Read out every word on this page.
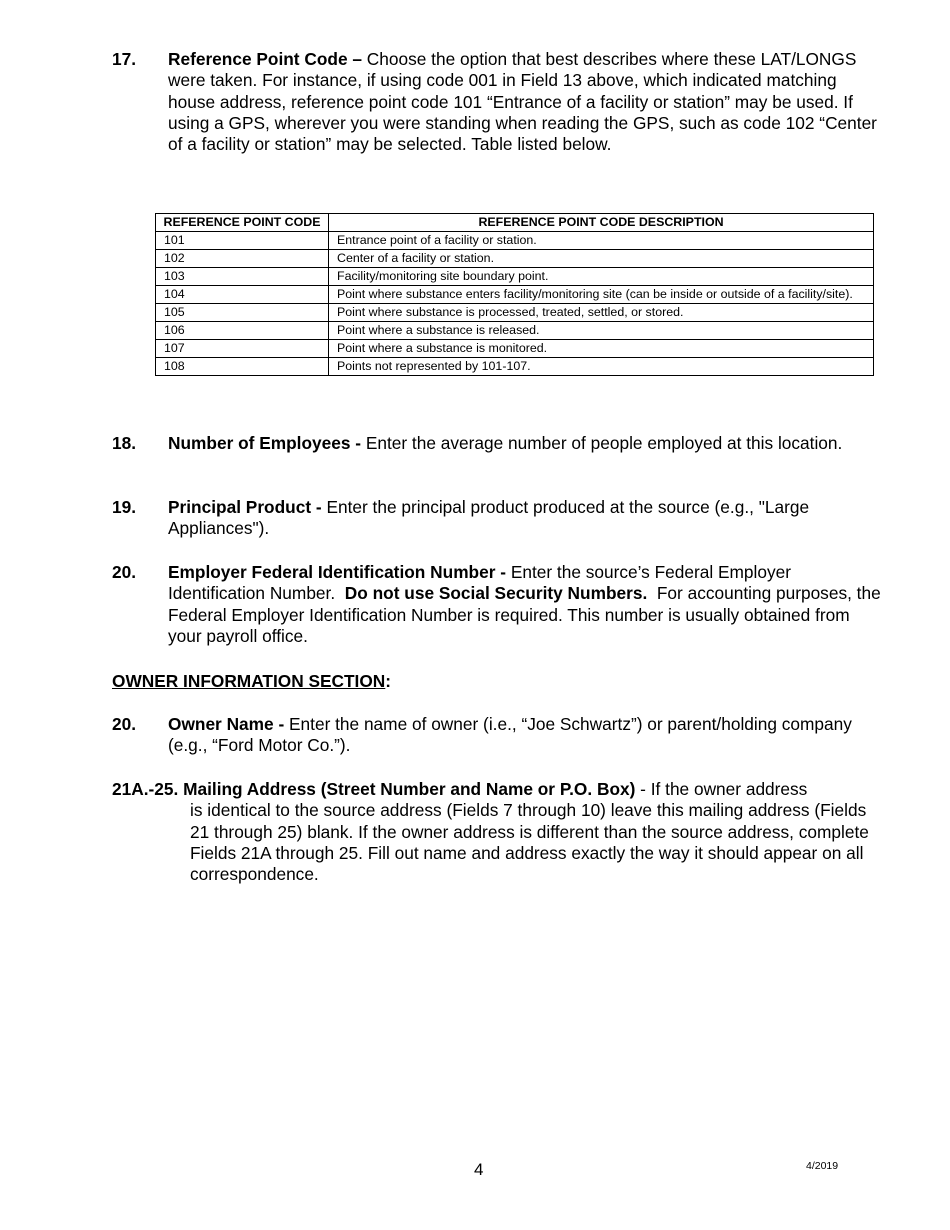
17. Reference Point Code – Choose the option that best describes where these LAT/LONGS were taken. For instance, if using code 001 in Field 13 above, which indicated matching house address, reference point code 101 “Entrance of a facility or station” may be used. If using a GPS, wherever you were standing when reading the GPS, such as code 102 “Center of a facility or station” may be selected. Table listed below.
REFERENCE POINT CODE	REFERENCE POINT CODE DESCRIPTION
101	Entrance point of a facility or station.
102	Center of a facility or station.
103	Facility/monitoring site boundary point.
104	Point where substance enters facility/monitoring site (can be inside or outside of a facility/site).
105	Point where substance is processed, treated, settled, or stored.
106	Point where a substance is released.
107	Point where a substance is monitored.
108	Points not represented by 101-107.
18. Number of Employees - Enter the average number of people employed at this location.
19. Principal Product - Enter the principal product produced at the source (e.g., "Large Appliances").
20. Employer Federal Identification Number - Enter the source’s Federal Employer Identification Number. Do not use Social Security Numbers. For accounting purposes, the Federal Employer Identification Number is required. This number is usually obtained from your payroll office.
OWNER INFORMATION SECTION:
20. Owner Name - Enter the name of owner (i.e., “Joe Schwartz”) or parent/holding company (e.g., “Ford Motor Co.”).
21A.-25. Mailing Address (Street Number and Name or P.O. Box) - If the owner address
is identical to the source address (Fields 7 through 10) leave this mailing address (Fields 21 through 25) blank. If the owner address is different than the source address, complete Fields 21A through 25. Fill out name and address exactly the way it should appear on all correspondence.
4	4/2019
